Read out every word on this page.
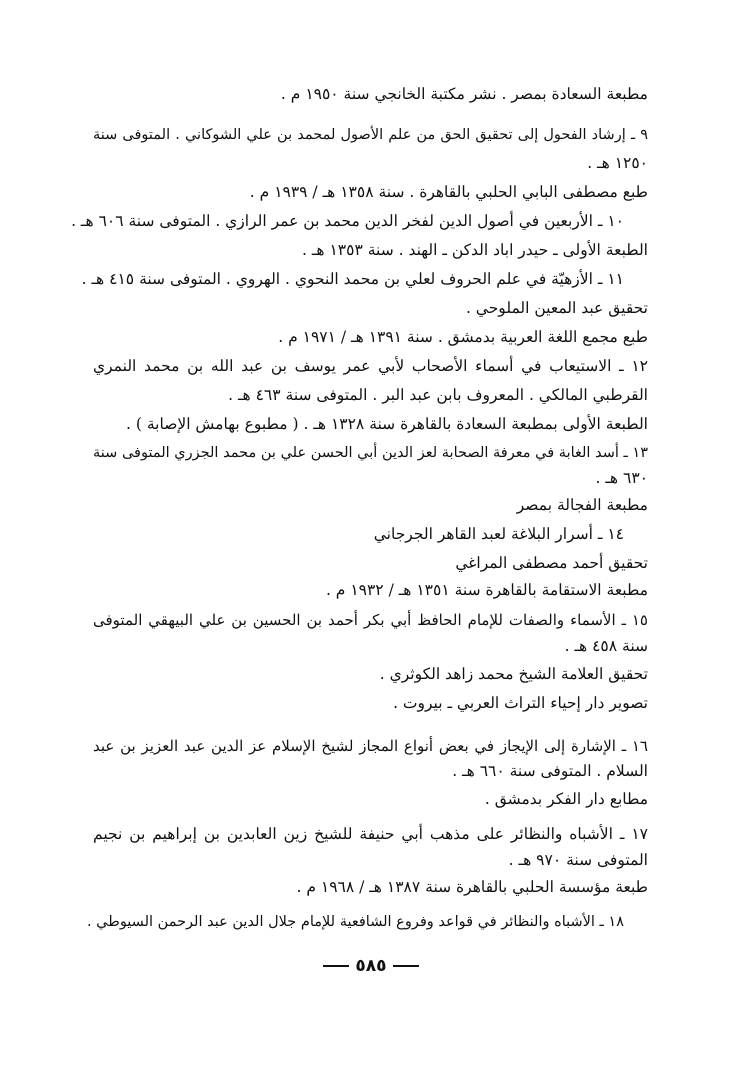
مطبعة السعادة بمصر . نشر مكتبة الخانجي سنة ١٩٥٠ م .
٩ ـ إرشاد الفحول إلى تحقيق الحق من علم الأصول لمحمد بن علي الشوكاني . المتوفى سنة
١٢٥٠ هـ .
طبع مصطفى البابي الحلبي بالقاهرة . سنة ١٣٥٨ هـ / ١٩٣٩ م .
١٠ ـ الأربعين في أصول الدين لفخر الدين محمد بن عمر الرازي . المتوفى سنة ٦٠٦ هـ .
الطبعة الأولى ـ حيدر اباد الدكن ـ الهند . سنة ١٣٥٣ هـ .
١١ ـ الأزهيّة في علم الحروف لعلي بن محمد النحوي . الهروي . المتوفى سنة ٤١٥ هـ .
تحقيق عبد المعين الملوحي .
طبع مجمع اللغة العربية بدمشق . سنة ١٣٩١ هـ / ١٩٧١ م .
١٢ ـ الاستيعاب في أسماء الأصحاب لأبي عمر يوسف بن عبد الله بن محمد النمري
القرطبي المالكي . المعروف بابن عبد البر . المتوفى سنة ٤٦٣ هـ .
الطبعة الأولى بمطبعة السعادة بالقاهرة سنة ١٣٢٨ هـ . ( مطبوع بهامش الإصابة ) .
١٣ ـ أسد الغابة في معرفة الصحابة لعز الدين أبي الحسن علي بن محمد الجزري المتوفى سنة
٦٣٠ هـ .
مطبعة الفجالة بمصر
١٤ ـ أسرار البلاغة لعبد القاهر الجرجاني
تحقيق أحمد مصطفى المراغي
مطبعة الاستقامة بالقاهرة سنة ١٣٥١ هـ / ١٩٣٢ م .
١٥ ـ الأسماء والصفات للإمام الحافظ أبي بكر أحمد بن الحسين بن علي البيهقي المتوفى
سنة ٤٥٨ هـ .
تحقيق العلامة الشيخ محمد زاهد الكوثري .
تصوير دار إحياء التراث العربي ـ بيروت .
١٦ ـ الإشارة إلى الإيجاز في بعض أنواع المجاز لشيخ الإسلام عز الدين عبد العزيز بن عبد
السلام . المتوفى سنة ٦٦٠ هـ .
مطابع دار الفكر بدمشق .
١٧ ـ الأشباه والنظائر على مذهب أبي حنيفة للشيخ زين العابدين بن إبراهيم بن نجيم
المتوفى سنة ٩٧٠ هـ .
طبعة مؤسسة الحلبي بالقاهرة سنة ١٣٨٧ هـ / ١٩٦٨ م .
١٨ ـ الأشباه والنظائر في قواعد وفروع الشافعية للإمام جلال الدين عبد الرحمن السيوطي .
٥٨٥
